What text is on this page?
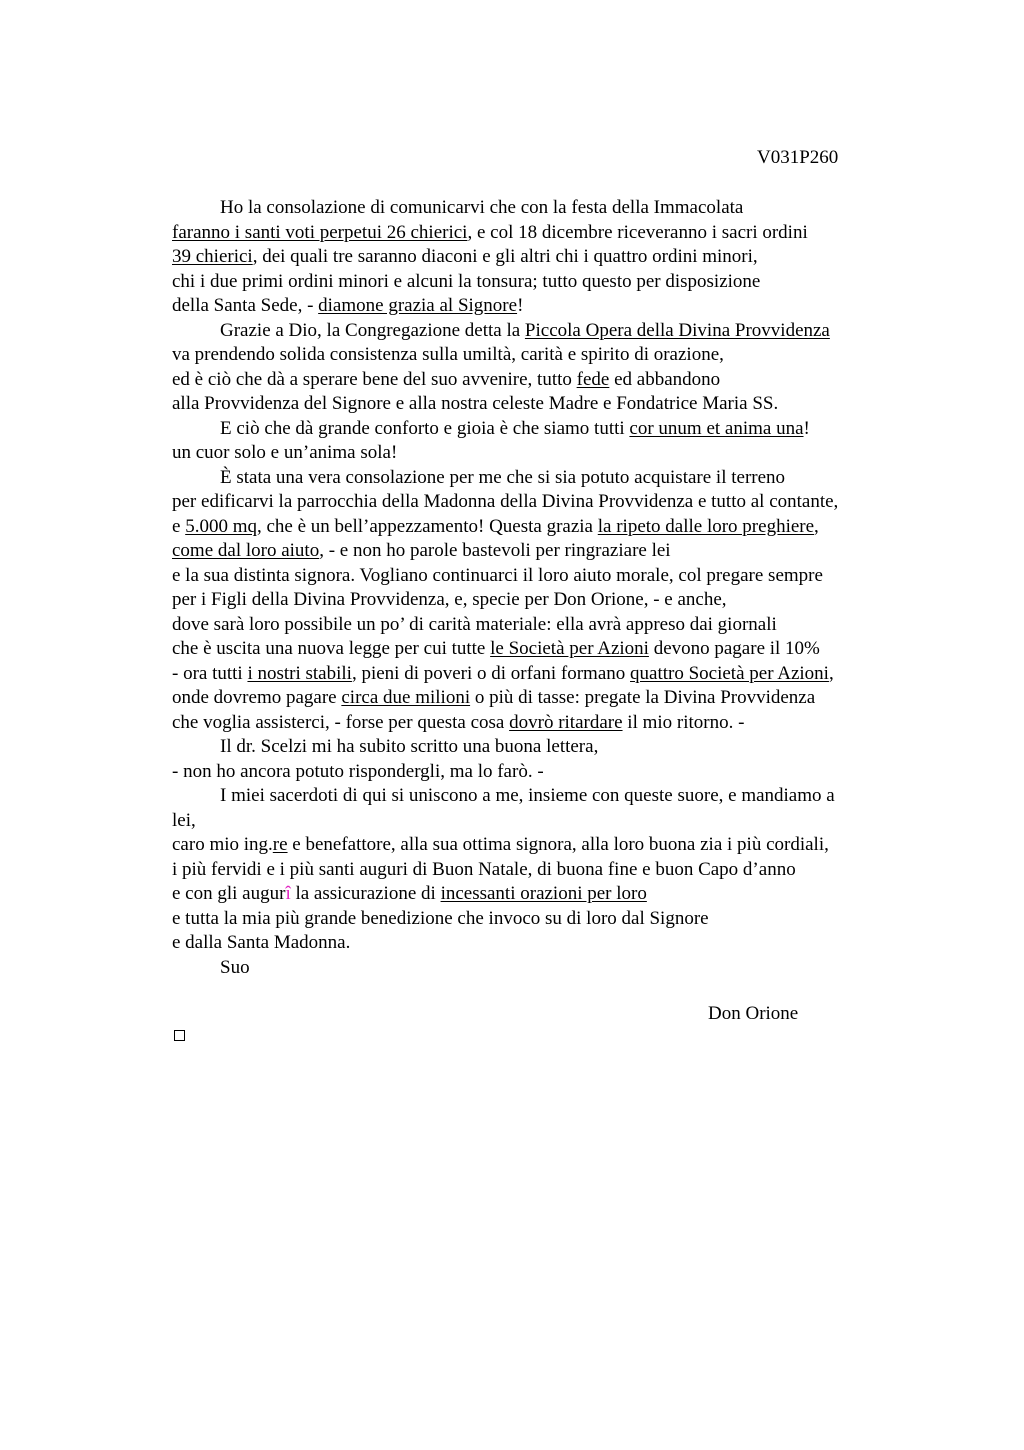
V031P260
Ho la consolazione di comunicarvi che con la festa della Immacolata
faranno i santi voti perpetui 26 chierici, e col 18 dicembre riceveranno i sacri ordini
39 chierici, dei quali tre saranno diaconi e gli altri chi i quattro ordini minori,
chi i due primi ordini minori e alcuni la tonsura; tutto questo per disposizione
della Santa Sede, - diamone grazia al Signore!
Grazie a Dio, la Congregazione detta la Piccola Opera della Divina Provvidenza
va prendendo solida consistenza sulla umiltà, carità e spirito di orazione,
ed è ciò che dà a sperare bene del suo avvenire, tutto fede ed abbandono
alla Provvidenza del Signore e alla nostra celeste Madre e Fondatrice Maria SS.
E ciò che dà grande conforto e gioia è che siamo tutti cor unum et anima una!
un cuor solo e un’anima sola!
È stata una vera consolazione per me che si sia potuto acquistare il terreno
per edificarvi la parrocchia della Madonna della Divina Provvidenza e tutto al contante,
e 5.000 mq, che è un bell’appezzamento! Questa grazia la ripeto dalle loro preghiere,
come dal loro aiuto, - e non ho parole bastevoli per ringraziare lei
e la sua distinta signora. Vogliano continuarci il loro aiuto morale, col pregare sempre
per i Figli della Divina Provvidenza, e, specie per Don Orione, - e anche,
dove sarà loro possibile un po’ di carità materiale: ella avrà appreso dai giornali
che è uscita una nuova legge per cui tutte le Società per Azioni devono pagare il 10%
- ora tutti i nostri stabili, pieni di poveri o di orfani formano quattro Società per Azioni,
onde dovremo pagare circa due milioni o più di tasse: pregate la Divina Provvidenza
che voglia assisterci, - forse per questa cosa dovrò ritardare il mio ritorno. -
Il dr. Scelzi mi ha subito scritto una buona lettera,
- non ho ancora potuto rispondergli, ma lo farò. -
I miei sacerdoti di qui si uniscono a me, insieme con queste suore, e mandiamo a
lei,
caro mio ing.re e benefattore, alla sua ottima signora, alla loro buona zia i più cordiali,
i più fervidi e i più santi auguri di Buon Natale, di buona fine e buon Capo d’anno
e con gli augurî la assicurazione di incessanti orazioni per loro
e tutta la mia più grande benedizione che invoco su di loro dal Signore
e dalla Santa Madonna.
Suo
Don Orione
